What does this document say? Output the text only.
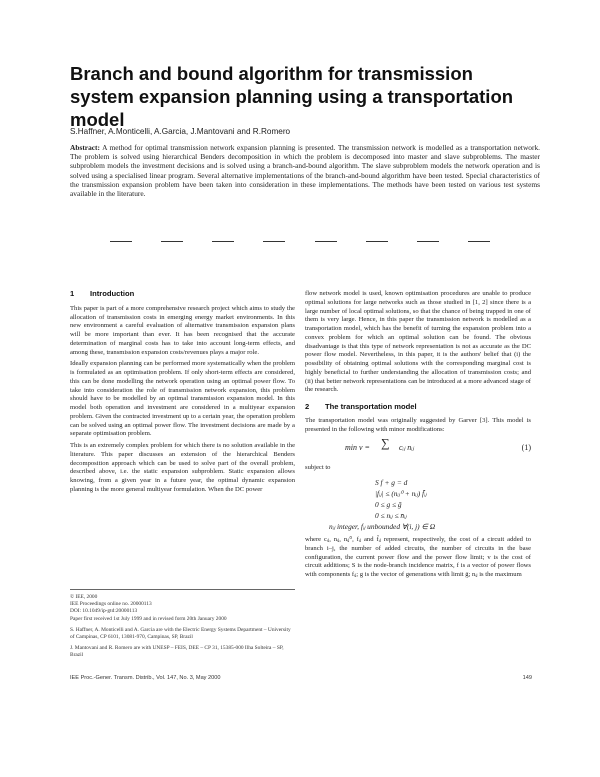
Branch and bound algorithm for transmission system expansion planning using a transportation model
S.Haffner, A.Monticelli, A.Garcia, J.Mantovani and R.Romero

Abstract: A method for optimal transmission network expansion planning is presented. The transmission network is modelled as a transportation network. The problem is solved using hierarchical Benders decomposition in which the problem is decomposed into master and slave subproblems. The master subproblem models the investment decisions and is solved using a branch-and-bound algorithm. The slave subproblem models the network operation and is solved using a specialised linear program. Several alternative implementations of the branch-and-bound algorithm have been tested. Special characteristics of the transmission expansion problem have been taken into consideration in these implementations. The methods have been tested on various test systems available in the literature.

1 Introduction

This paper is part of a more comprehensive research project which aims to study the allocation of transmission costs in emerging energy market environments. In this new environment a careful evaluation of alternative transmission expansion plans will be more important than ever. It has been recognised that the accurate determination of marginal costs has to take into account long-term effects, and among these, transmission expansion costs/revenues plays a major role.

Ideally expansion planning can be performed more systematically when the problem is formulated as an optimisation problem. If only short-term effects are considered, this can be done modelling the network operation using an optimal power flow. To take into consideration the role of transmission network expansion, this problem should have to be modelled by an optimal transmission expansion model. In this model both operation and investment are considered in a multiyear expansion problem. Given the contracted investment up to a certain year, the operation problem can be solved using an optimal power flow. The investment decisions are made by a separate optimisation problem.

This is an extremely complex problem for which there is no solution available in the literature. This paper discusses an extension of the hierarchical Benders decomposition approach which can be used to solve part of the overall problem, described above, i.e. the static expansion subproblem. Static expansion allows knowing, from a given year in a future year, the optimal dynamic expansion planning is the more general multiyear formulation. When the DC power

© IEE, 2000

IEE Proceedings online no. 20000113

DOI: 10.1049/ip-gtd:20000113

Paper first received 1st July 1999 and in revised form 20th January 2000

S. Haffner, A. Monticelli and A. Garcia are with the Electric Energy Systems Department – University of Campinas, CP 6101, 13081-970, Campinas, SP, Brazil

J. Mantovani and R. Romero are with UNESP – FEIS, DEE – CP 31, 15385-000 Ilha Solteira – SP, Brazil

flow network model is used, known optimisation procedures are unable to produce optimal solutions for large networks such as those studied in [1, 2] since there is a large number of local optimal solutions, so that the chance of being trapped in one of them is very large. Hence, in this paper the transmission network is modelled as a transportation model, which has the benefit of turning the expansion problem into a convex problem for which an optimal solution can be found. The obvious disadvantage is that this type of network representation is not as accurate as the DC power flow model. Nevertheless, in this paper, it is the authors' belief that (i) the possibility of obtaining optimal solutions with the corresponding marginal cost is highly beneficial to further understanding the allocation of transmission costs; and (ii) that better network representations can be introduced at a more advanced stage of the research.

2 The transportation model

The transportation model was originally suggested by Garver [3]. This model is presented in the following with minor modifications:

min v = ∑ cᵢⱼ nᵢⱼ	(1)
subject to
S f + g = d
|fᵢⱼ| ≤ (nᵢⱼ⁰ + nᵢⱼ) f̄ᵢⱼ
0 ≤ g ≤ ḡ
0 ≤ nᵢⱼ ≤ n̄ᵢⱼ
nᵢⱼ integer, fᵢⱼ unbounded ∀(i, j) ∈ Ω

where cᵢⱼ, nᵢⱼ, nᵢⱼ⁰, fᵢⱼ and f̄ᵢⱼ represent, respectively, the cost of a circuit added to branch i–j, the number of added circuits, the number of circuits in the base configuration, the current power flow and the power flow limit; v is the cost of circuit additions; S is the node-branch incidence matrix, f is a vector of power flows with components fᵢⱼ; g is the vector of generations with limit ḡ; nᵢⱼ is the maximum

IEE Proc.-Gener. Transm. Distrib., Vol. 147, No. 3, May 2000	149
